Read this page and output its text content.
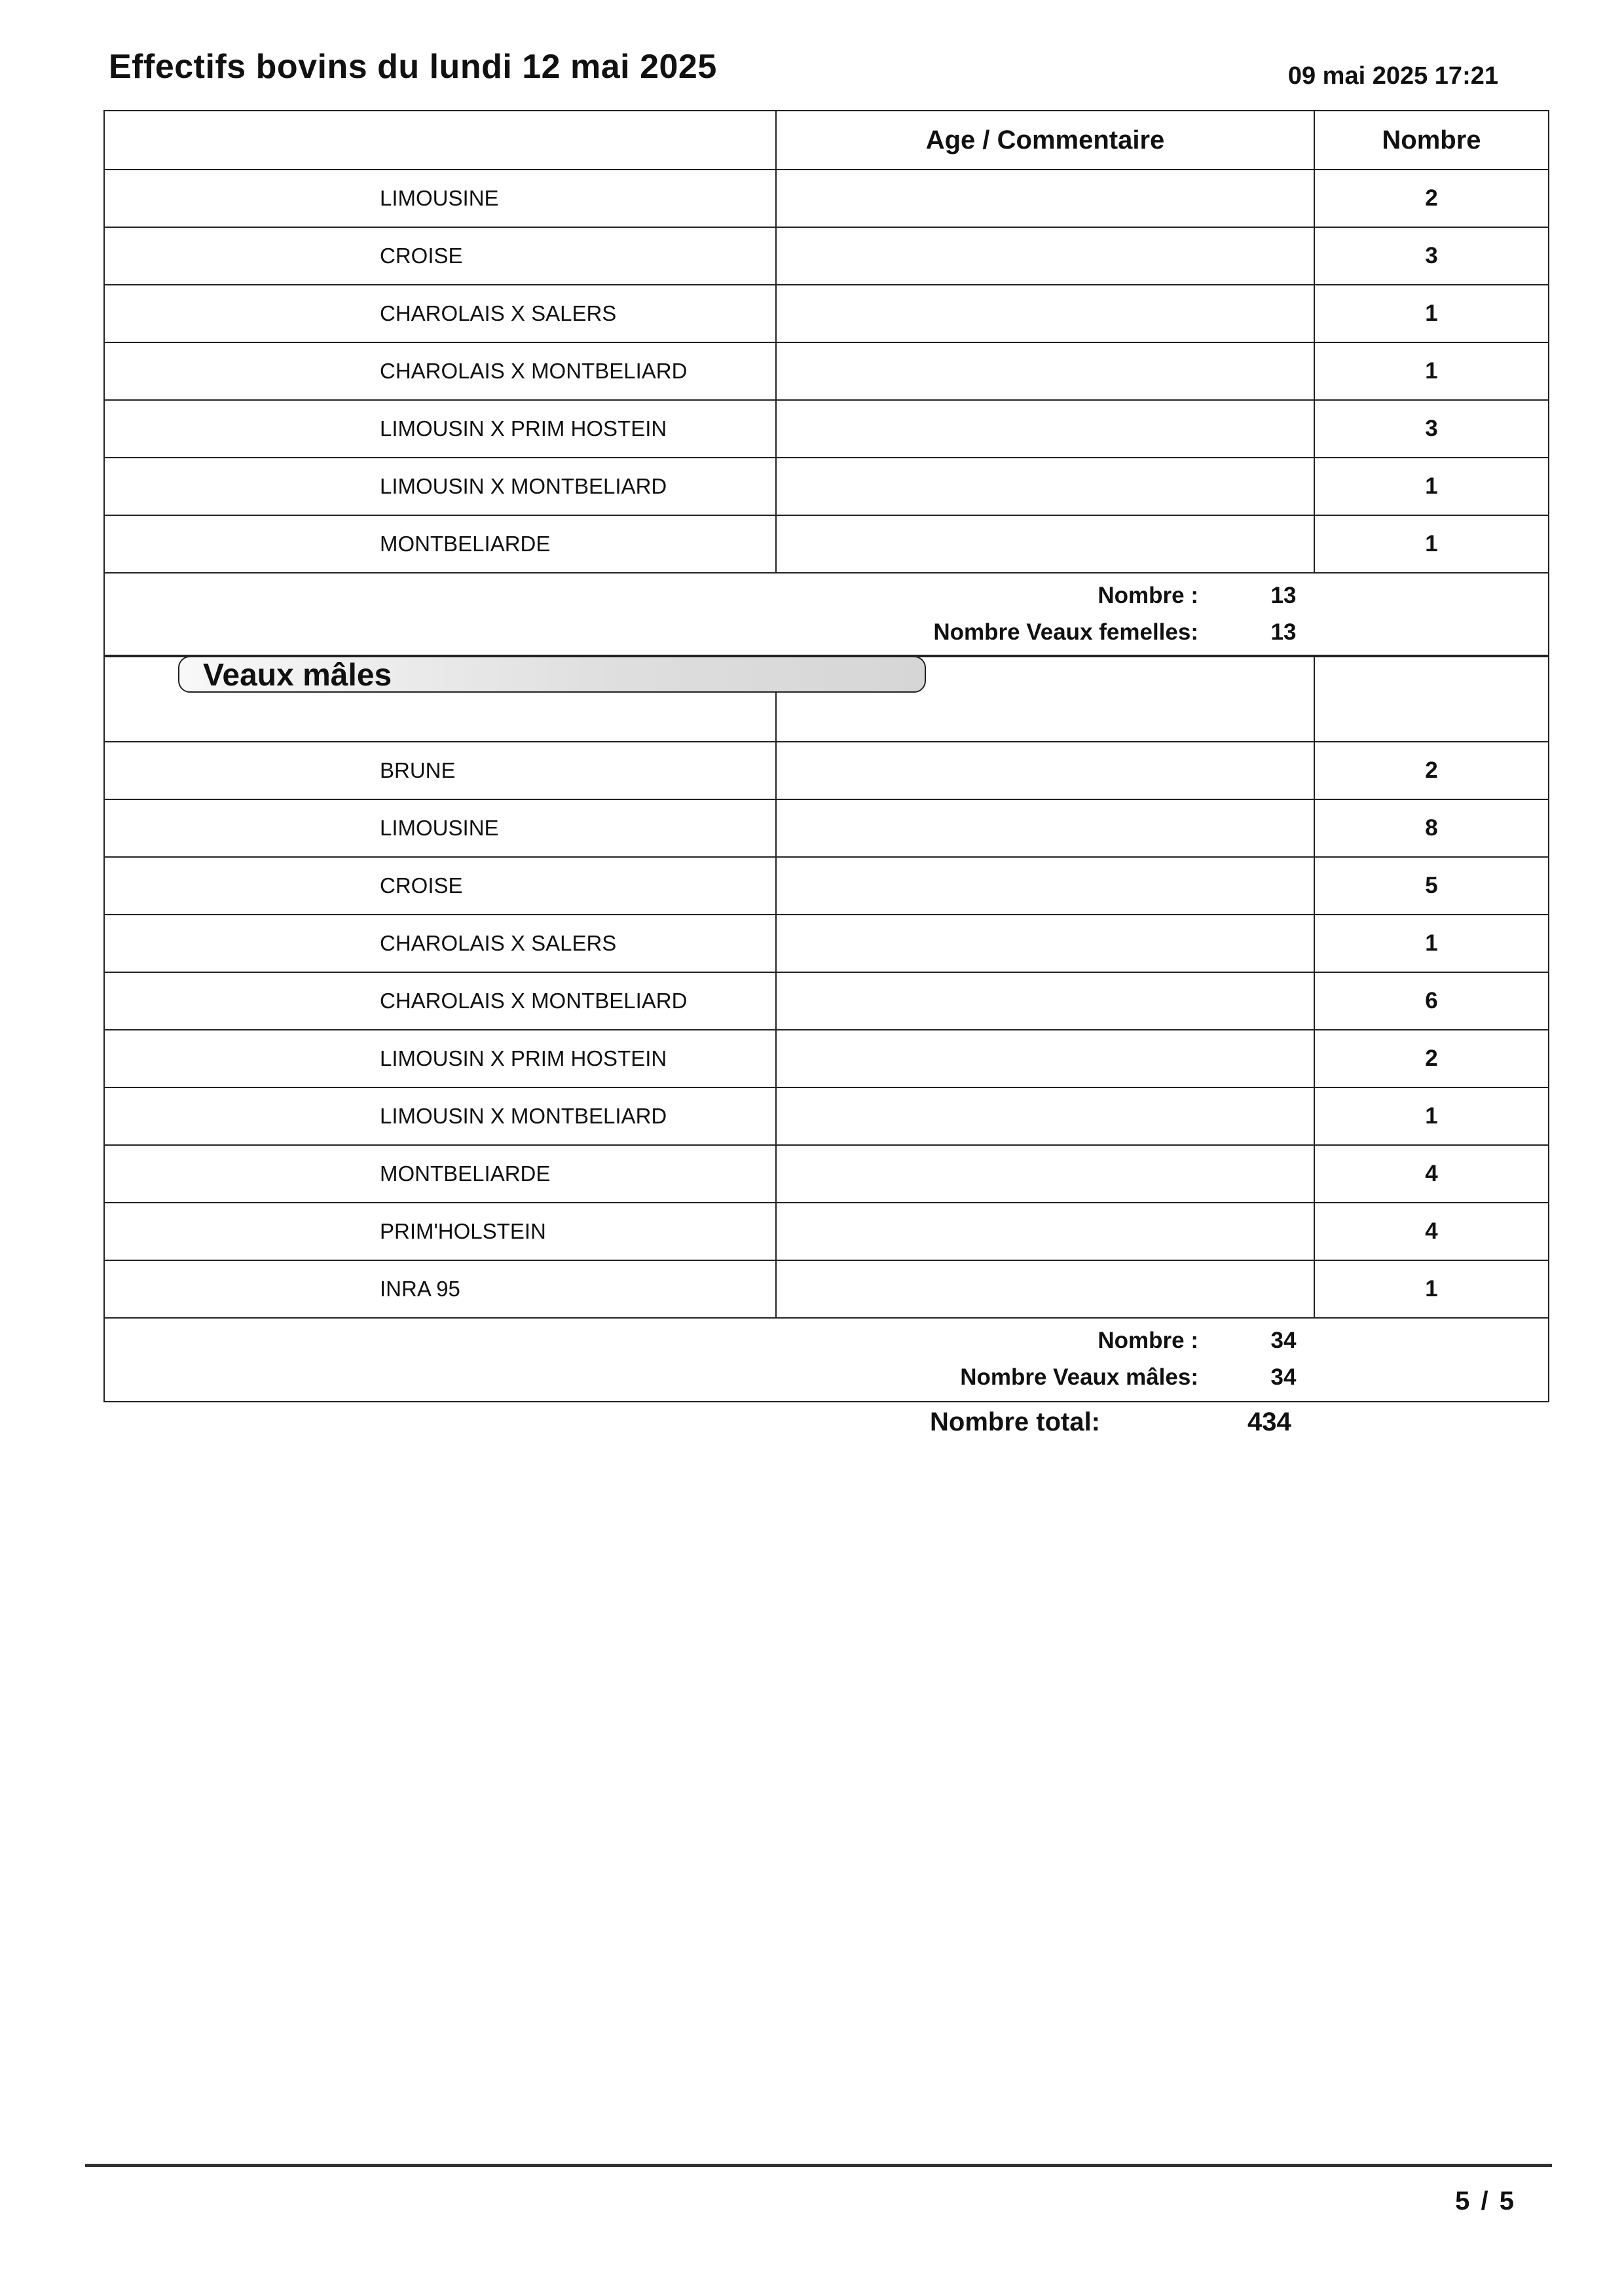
Effectifs bovins du lundi 12 mai 2025	09 mai 2025 17:21
	Age / Commentaire	Nombre
LIMOUSINE		2
CROISE		3
CHAROLAIS X SALERS		1
CHAROLAIS X MONTBELIARD		1
LIMOUSIN X PRIM HOSTEIN		3
LIMOUSIN X MONTBELIARD		1
MONTBELIARDE		1

Nombre : 13
Nombre Veaux femelles: 13		

BRUNE		2
LIMOUSINE		8
CROISE		5
CHAROLAIS X SALERS		1
CHAROLAIS X MONTBELIARD		6
LIMOUSIN X PRIM HOSTEIN		2
LIMOUSIN X MONTBELIARD		1
MONTBELIARDE		4
PRIM'HOLSTEIN		4
INRA 95		1

Nombre : 34
Nombre Veaux mâles: 34		
Veaux mâles
Nombre total:	434
5 / 5
